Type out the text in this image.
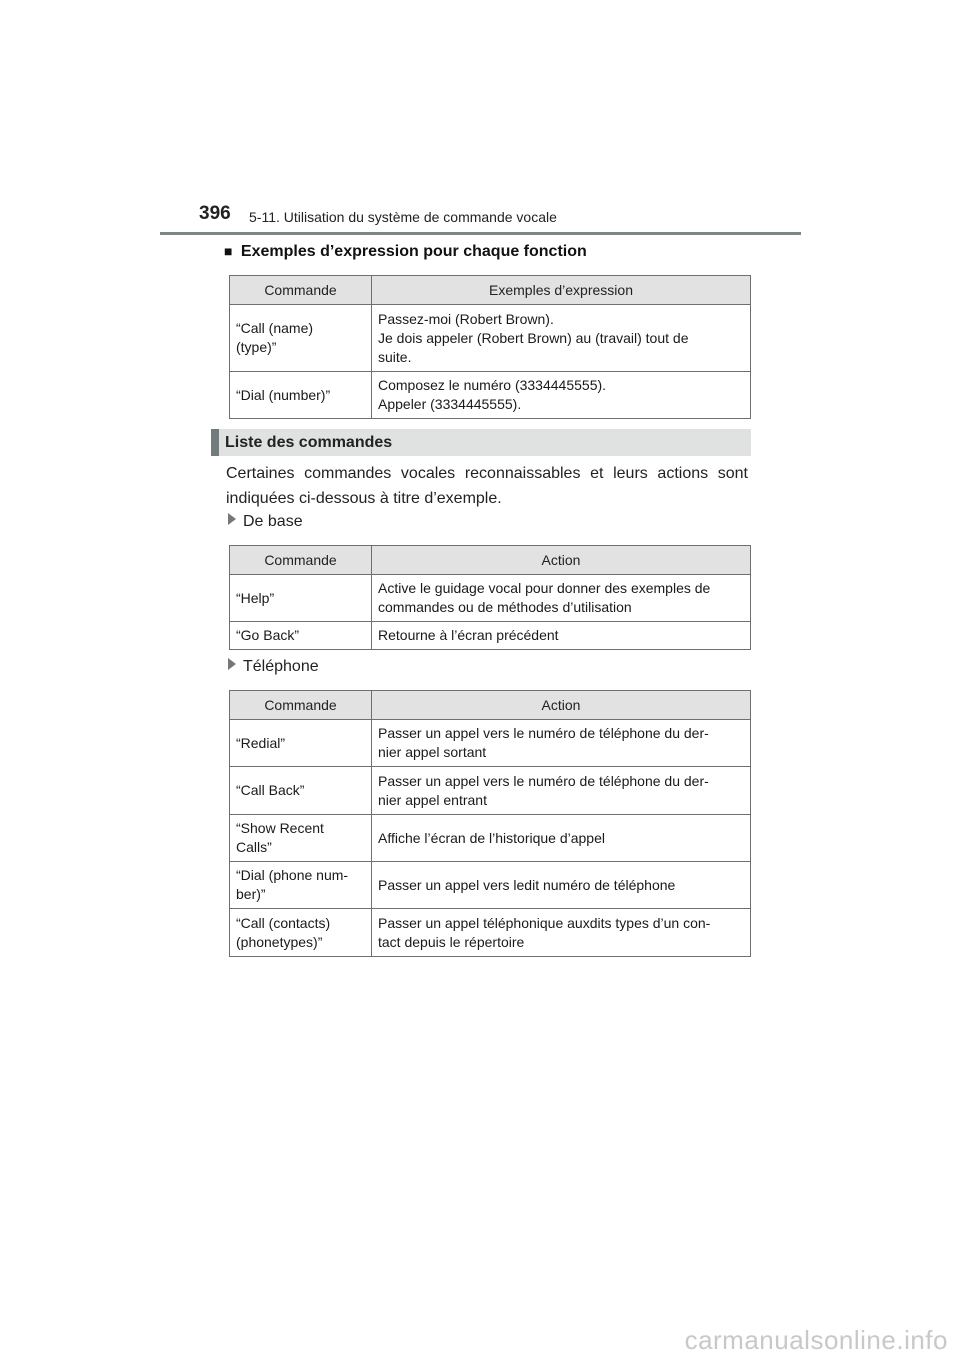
396 5-11. Utilisation du système de commande vocale
■ Exemples d’expression pour chaque fonction
Commande	Exemples d’expression

“Call (name)
(type)”	Passez-moi (Robert Brown).
Je dois appeler (Robert Brown) au (travail) tout de
suite.

“Dial (number)”	Composez le numéro (3334445555).
Appeler (3334445555).
Liste des commandes
Certaines commandes vocales reconnaissables et leurs actions sont indiquées ci-dessous à titre d’exemple.
De base
Commande	Action

“Help”	Active le guidage vocal pour donner des exemples de
commandes ou de méthodes d’utilisation

“Go Back”	Retourne à l’écran précédent
Téléphone
Commande	Action

“Redial”	Passer un appel vers le numéro de téléphone du der-
nier appel sortant

“Call Back”	Passer un appel vers le numéro de téléphone du der-
nier appel entrant

“Show Recent
Calls”	Affiche l’écran de l’historique d’appel

“Dial (phone num-
ber)”	Passer un appel vers ledit numéro de téléphone

“Call (contacts)
(phonetypes)”	Passer un appel téléphonique auxdits types d’un con-
tact depuis le répertoire
carmanualsonline.info
